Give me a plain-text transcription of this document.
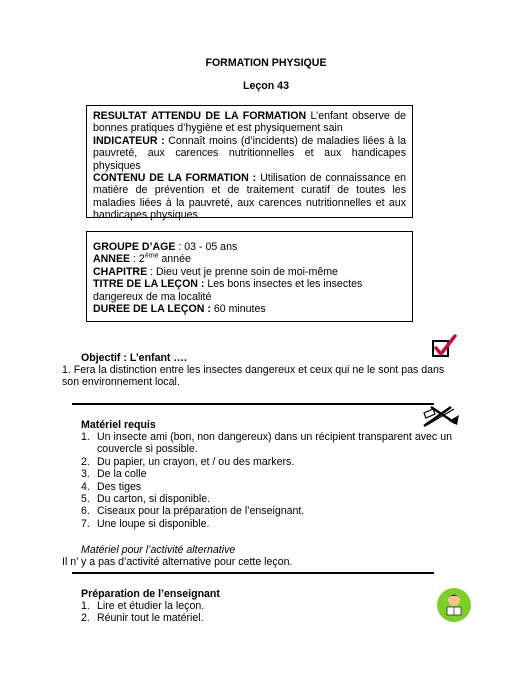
FORMATION PHYSIQUE
Leçon 43
RESULTAT ATTENDU DE LA FORMATION L’enfant observe de bonnes pratiques d’hygiène et est physiquement sain
INDICATEUR : Connaît moins (d’incidents) de maladies liées à la pauvreté, aux carences nutritionnelles et aux handicapes physiques
CONTENU DE LA FORMATION : Utilisation de connaissance en matière de prévention et de traitement curatif de toutes les maladies liées à la pauvreté, aux carences nutritionnelles et aux handicapes physiques
GROUPE D’AGE : 03 - 05 ans
ANNEE : 2ème année
CHAPITRE : Dieu veut je prenne soin de moi-même
TITRE DE LA LEÇON : Les bons insectes et les insectes dangereux de ma localité
DUREE DE LA LEÇON : 60 minutes
Objectif : L’enfant ….
1. Fera la distinction entre les insectes dangereux et ceux qui ne le sont pas dans son environnement local.
Matériel requis
1. Un insecte ami (bon, non dangereux) dans un récipient transparent avec un couvercle si possible.
2. Du papier, un crayon, et / ou des markers.
3. De la colle
4. Des tiges
5. Du carton, si disponible.
6. Ciseaux pour la préparation de l’enseignant.
7. Une loupe si disponible.
Matériel pour l’activité alternative
Il n’ y a pas d’activité alternative pour cette leçon.
Préparation de l’enseignant
1. Lire et étudier la leçon.
2. Réunir tout le matériel.
